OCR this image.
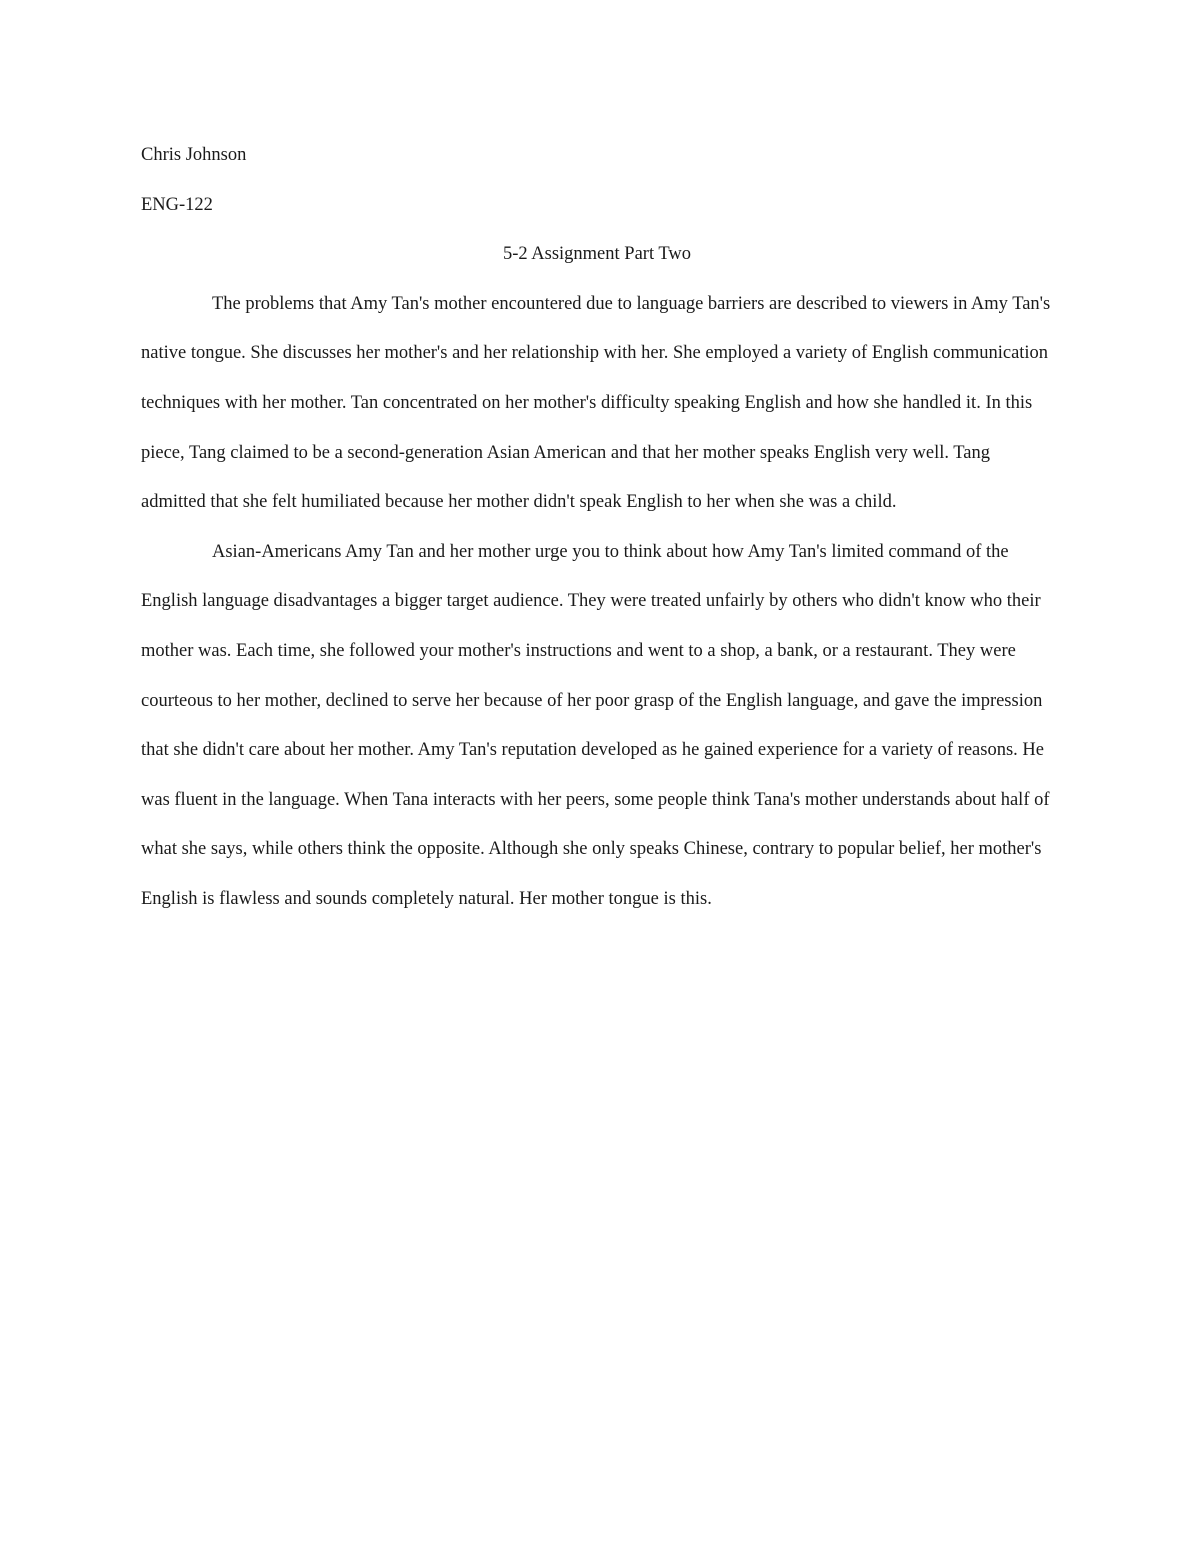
Chris Johnson

ENG-122

5-2 Assignment Part Two

The problems that Amy Tan's mother encountered due to language barriers are described to viewers in Amy Tan's native tongue. She discusses her mother's and her relationship with her. She employed a variety of English communication techniques with her mother. Tan concentrated on her mother's difficulty speaking English and how she handled it. In this piece, Tang claimed to be a second-generation Asian American and that her mother speaks English very well. Tang admitted that she felt humiliated because her mother didn't speak English to her when she was a child.

Asian-Americans Amy Tan and her mother urge you to think about how Amy Tan's limited command of the English language disadvantages a bigger target audience. They were treated unfairly by others who didn't know who their mother was. Each time, she followed your mother's instructions and went to a shop, a bank, or a restaurant. They were courteous to her mother, declined to serve her because of her poor grasp of the English language, and gave the impression that she didn't care about her mother. Amy Tan's reputation developed as he gained experience for a variety of reasons. He was fluent in the language. When Tana interacts with her peers, some people think Tana's mother understands about half of what she says, while others think the opposite. Although she only speaks Chinese, contrary to popular belief, her mother's English is flawless and sounds completely natural. Her mother tongue is this.
